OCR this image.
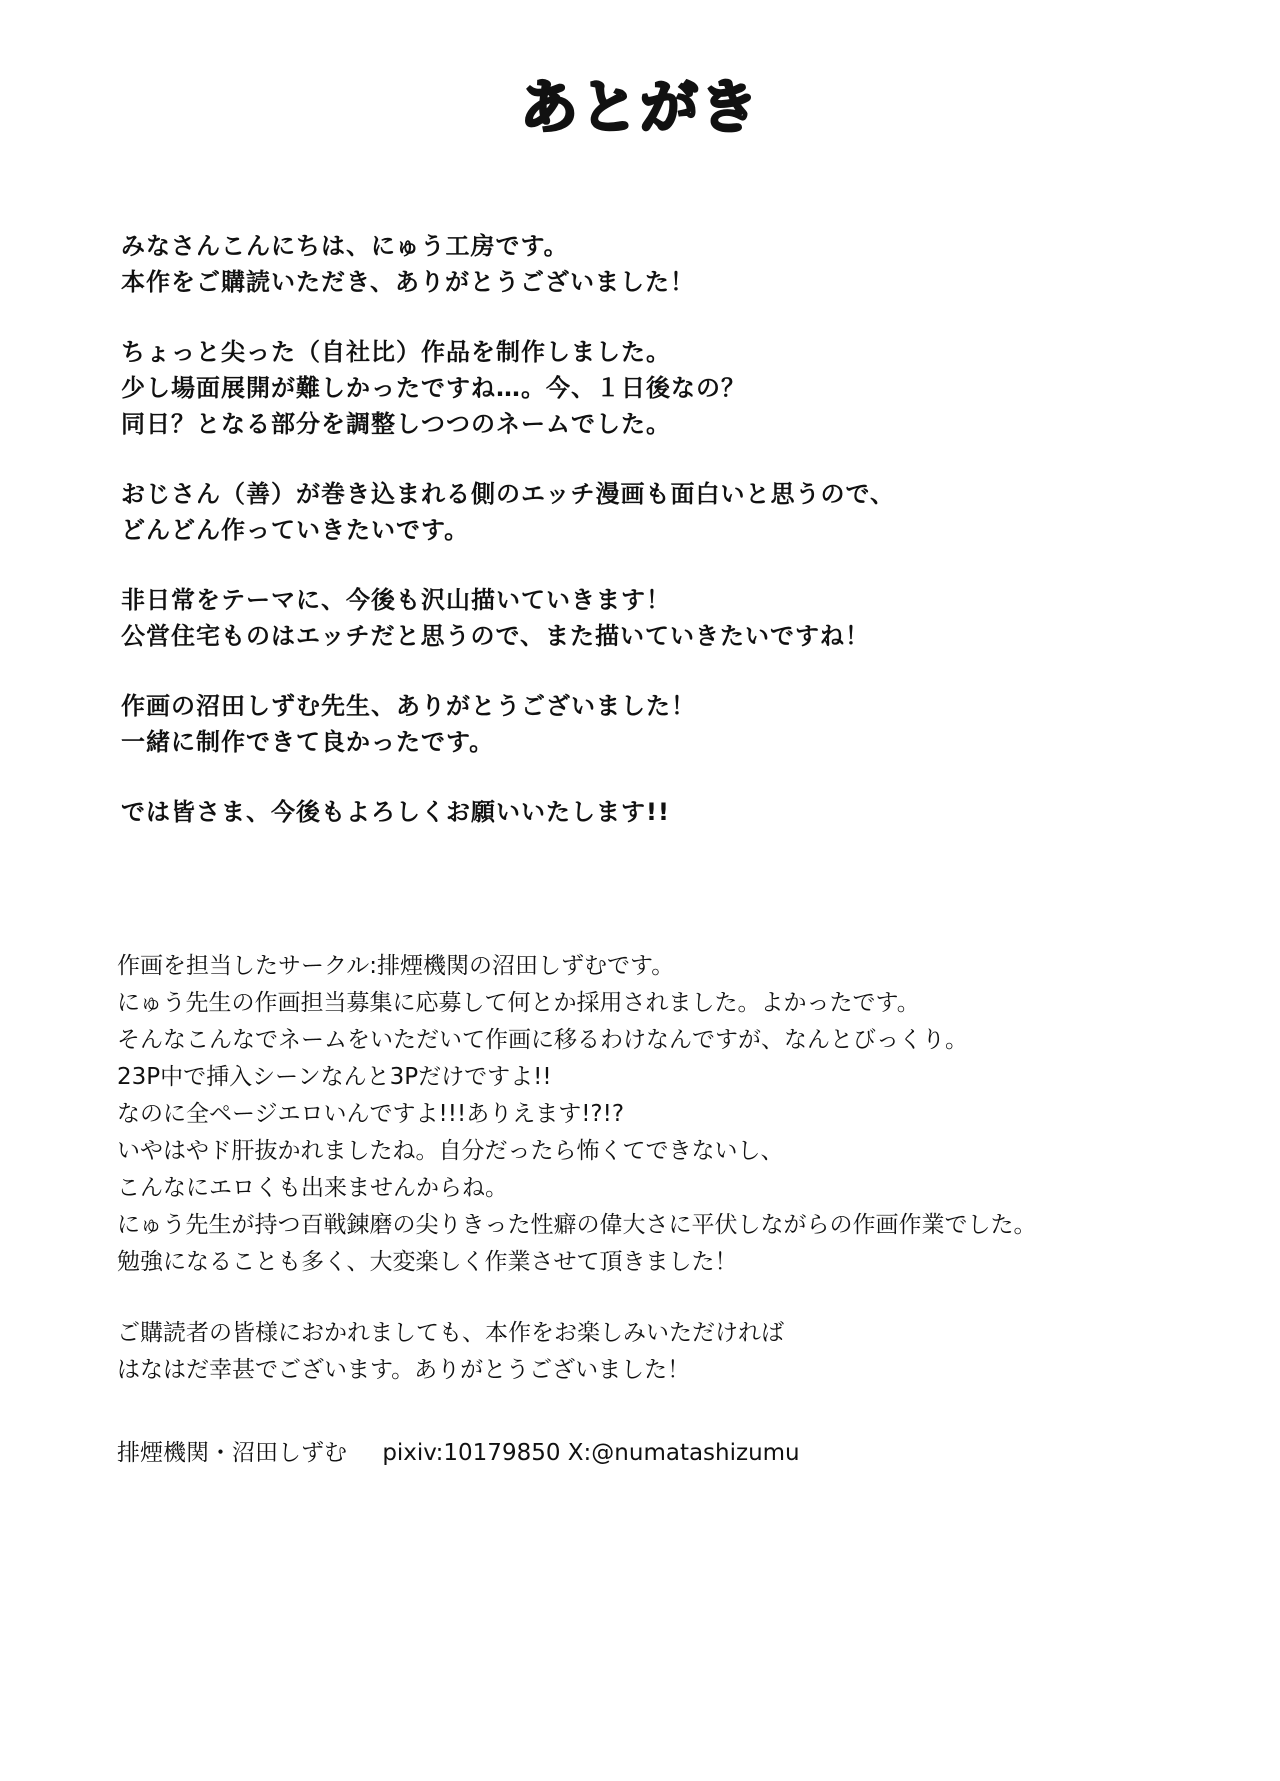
あとがき

みなさんこんにちは、にゅう工房です。
本作をご購読いただき、ありがとうございました！

ちょっと尖った（自社比）作品を制作しました。
少し場面展開が難しかったですね…。今、１日後なの？
同日？となる部分を調整しつつのネームでした。

おじさん（善）が巻き込まれる側のエッチ漫画も面白いと思うので、
どんどん作っていきたいです。

非日常をテーマに、今後も沢山描いていきます！
公営住宅ものはエッチだと思うので、また描いていきたいですね！

作画の沼田しずむ先生、ありがとうございました！
一緒に制作できて良かったです。

では皆さま、今後もよろしくお願いいたします!!

作画を担当したサークル:排煙機関の沼田しずむです。
にゅう先生の作画担当募集に応募して何とか採用されました。よかったです。
そんなこんなでネームをいただいて作画に移るわけなんですが、なんとびっくり。
23P中で挿入シーンなんと3Pだけですよ!!
なのに全ページエロいんですよ!!!ありえます!?!?
いやはやド肝抜かれましたね。自分だったら怖くてできないし、
こんなにエロくも出来ませんからね。
にゅう先生が持つ百戦錬磨の尖りきった性癖の偉大さに平伏しながらの作画作業でした。
勉強になることも多く、大変楽しく作業させて頂きました！

ご購読者の皆様におかれましても、本作をお楽しみいただければ
はなはだ幸甚でございます。ありがとうございました！

排煙機関・沼田しずむ pixiv:10179850 X:@numatashizumu
